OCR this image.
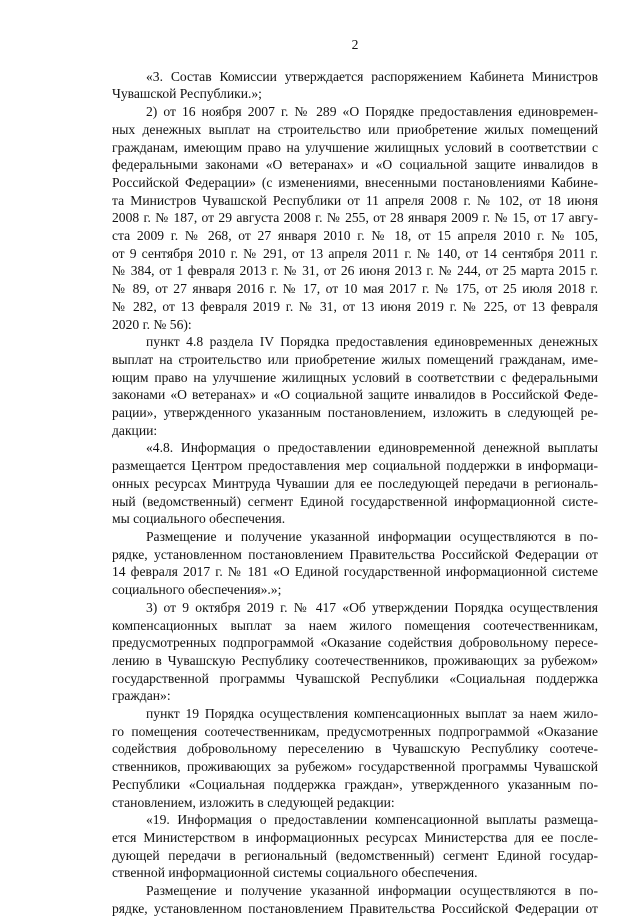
2
«3. Состав Комиссии утверждается распоряжением Кабинета Министров
Чувашской Республики.»;
2) от 16 ноября 2007 г. № 289 «О Порядке предоставления единовремен-
ных денежных выплат на строительство или приобретение жилых помещений
гражданам, имеющим право на улучшение жилищных условий в соответствии с
федеральными законами «О ветеранах» и «О социальной защите инвалидов в
Российской Федерации» (с изменениями, внесенными постановлениями Кабине-
та Министров Чувашской Республики от 11 апреля 2008 г. № 102, от 18 июня
2008 г. № 187, от 29 августа 2008 г. № 255, от 28 января 2009 г. № 15, от 17 авгу-
ста 2009 г. № 268, от 27 января 2010 г. № 18, от 15 апреля 2010 г. № 105,
от 9 сентября 2010 г. № 291, от 13 апреля 2011 г. № 140, от 14 сентября 2011 г.
№ 384, от 1 февраля 2013 г. № 31, от 26 июня 2013 г. № 244, от 25 марта 2015 г.
№ 89, от 27 января 2016 г. № 17, от 10 мая 2017 г. № 175, от 25 июля 2018 г.
№ 282, от 13 февраля 2019 г. № 31, от 13 июня 2019 г. № 225, от 13 февраля
2020 г. № 56):
пункт 4.8 раздела IV Порядка предоставления единовременных денежных
выплат на строительство или приобретение жилых помещений гражданам, име-
ющим право на улучшение жилищных условий в соответствии с федеральными
законами «О ветеранах» и «О социальной защите инвалидов в Российской Феде-
рации», утвержденного указанным постановлением, изложить в следующей ре-
дакции:
«4.8. Информация о предоставлении единовременной денежной выплаты
размещается Центром предоставления мер социальной поддержки в информаци-
онных ресурсах Минтруда Чувашии для ее последующей передачи в региональ-
ный (ведомственный) сегмент Единой государственной информационной систе-
мы социального обеспечения.
Размещение и получение указанной информации осуществляются в по-
рядке, установленном постановлением Правительства Российской Федерации от
14 февраля 2017 г. № 181 «О Единой государственной информационной системе
социального обеспечения».»;
3) от 9 октября 2019 г. № 417 «Об утверждении Порядка осуществления
компенсационных выплат за наем жилого помещения соотечественникам,
предусмотренных подпрограммой «Оказание содействия добровольному пересе-
лению в Чувашскую Республику соотечественников, проживающих за рубежом»
государственной программы Чувашской Республики «Социальная поддержка
граждан»:
пункт 19 Порядка осуществления компенсационных выплат за наем жило-
го помещения соотечественникам, предусмотренных подпрограммой «Оказание
содействия добровольному переселению в Чувашскую Республику соотече-
ственников, проживающих за рубежом» государственной программы Чувашской
Республики «Социальная поддержка граждан», утвержденного указанным по-
становлением, изложить в следующей редакции:
«19. Информация о предоставлении компенсационной выплаты размеща-
ется Министерством в информационных ресурсах Министерства для ее после-
дующей передачи в региональный (ведомственный) сегмент Единой государ-
ственной информационной системы социального обеспечения.
Размещение и получение указанной информации осуществляются в по-
рядке, установленном постановлением Правительства Российской Федерации от
